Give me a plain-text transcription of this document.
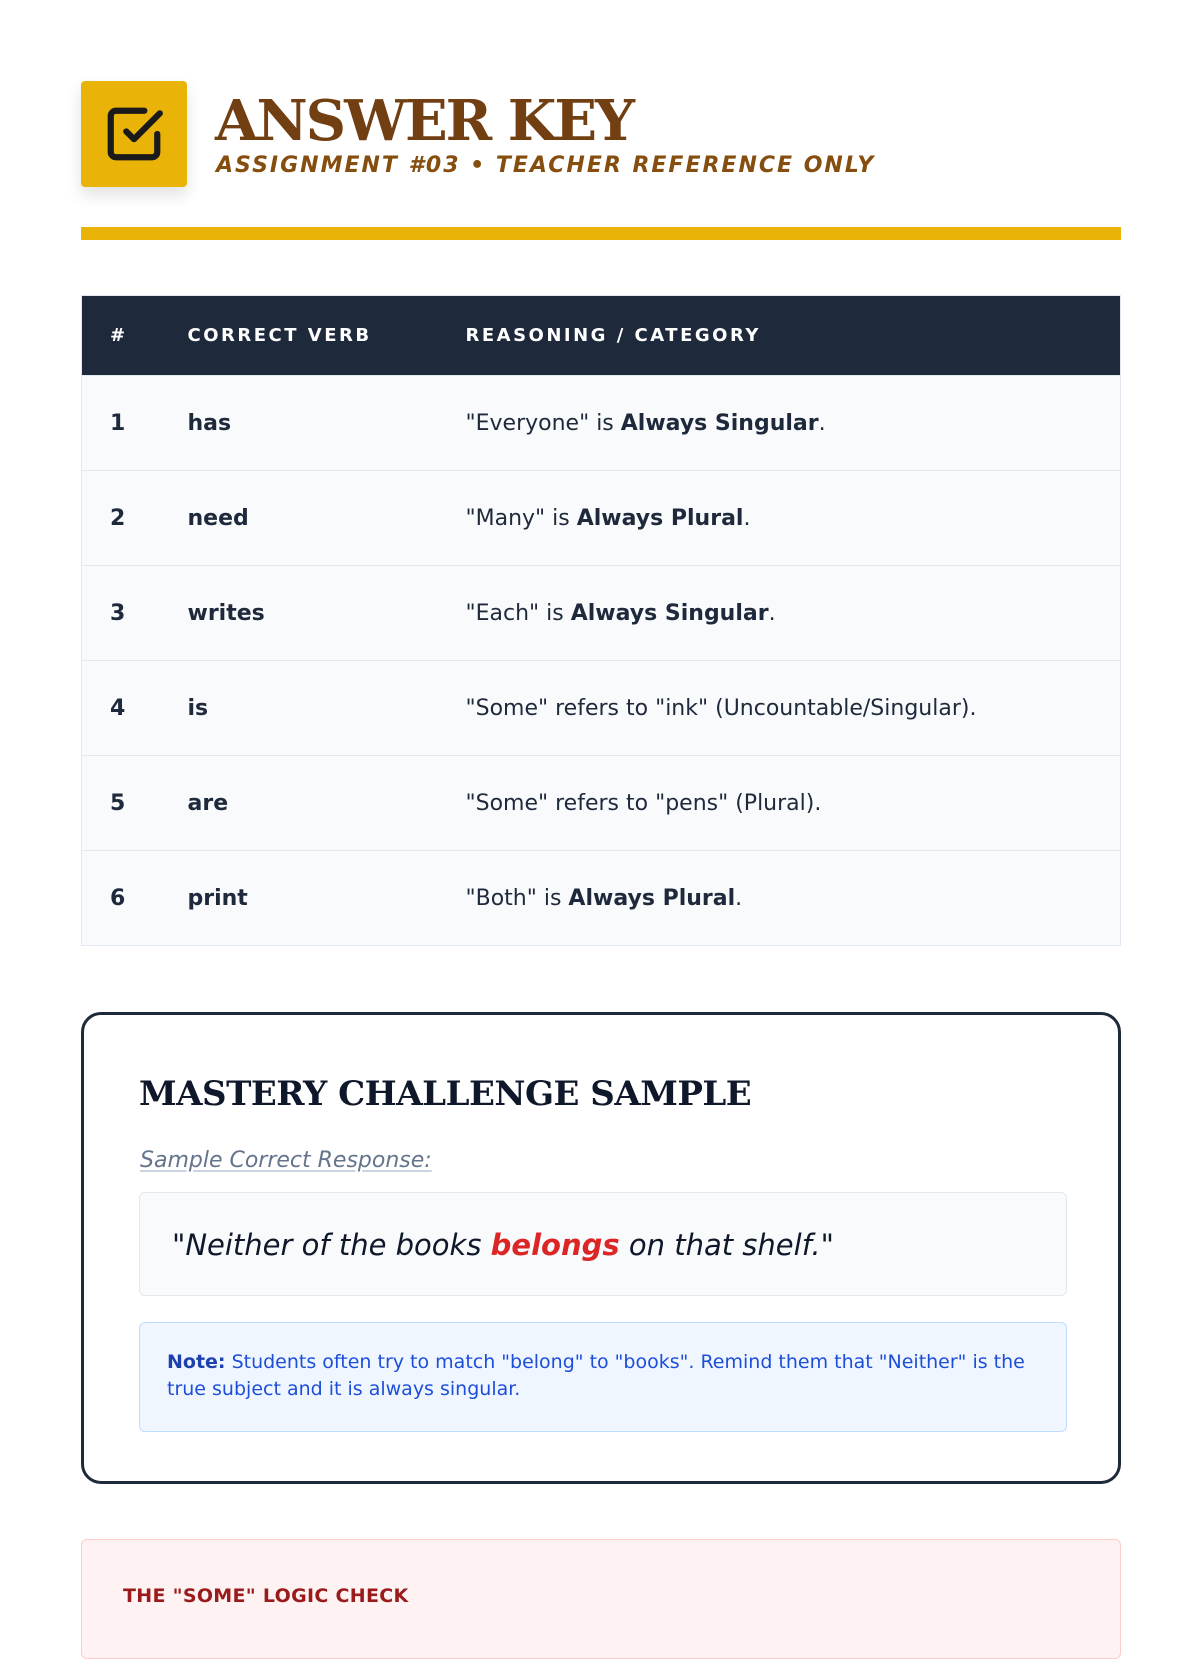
ANSWER KEY
ASSIGNMENT #03 • TEACHER REFERENCE ONLY
#	CORRECT VERB	REASONING / CATEGORY
1	has	"Everyone" is Always Singular.
2	need	"Many" is Always Plural.
3	writes	"Each" is Always Singular.
4	is	"Some" refers to "ink" (Uncountable/Singular).
5	are	"Some" refers to "pens" (Plural).
6	print	"Both" is Always Plural.
MASTERY CHALLENGE SAMPLE
Sample Correct Response:
"Neither of the books belongs on that shelf."
Note: Students often try to match "belong" to "books". Remind them that "Neither" is the true subject and it is always singular.
THE "SOME" LOGIC CHECK
